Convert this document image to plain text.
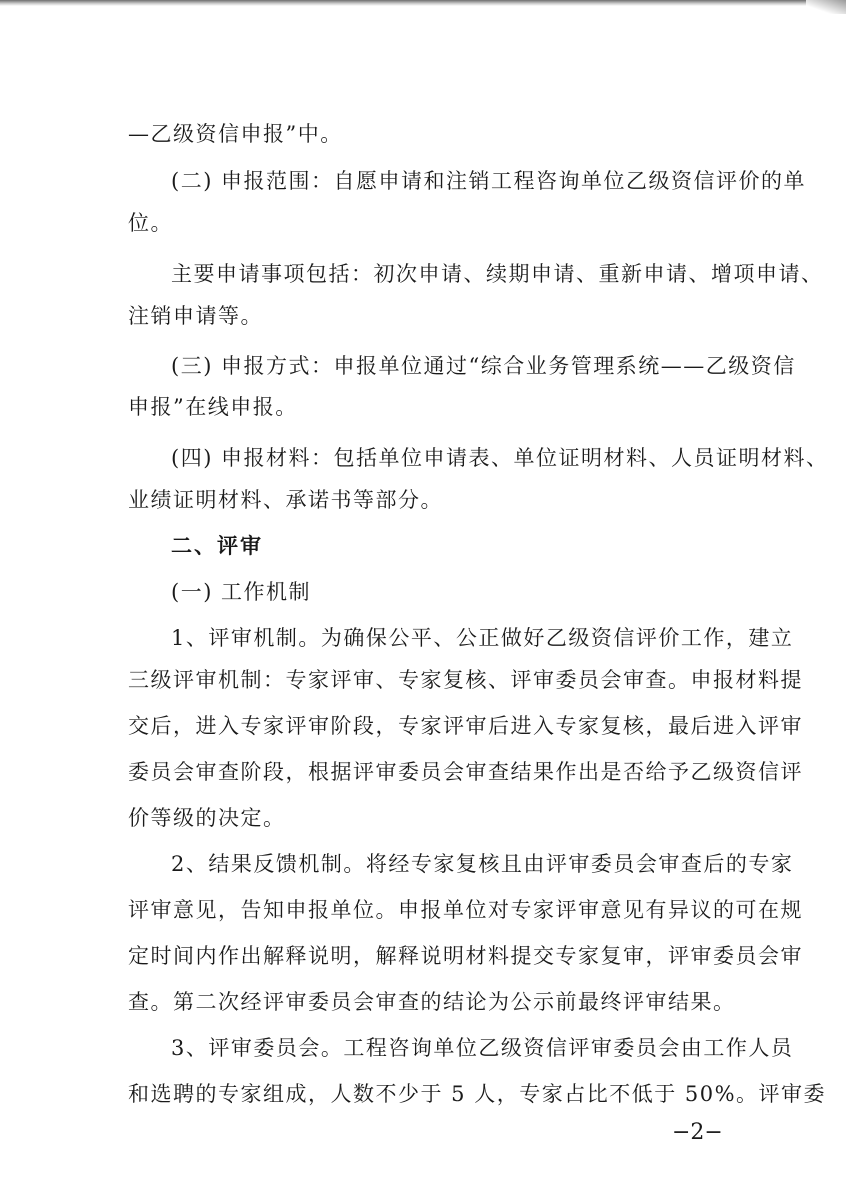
—乙级资信申报”中。
(二) 申报范围：自愿申请和注销工程咨询单位乙级资信评价的单
位。
主要申请事项包括：初次申请、续期申请、重新申请、增项申请、
注销申请等。
(三) 申报方式：申报单位通过“综合业务管理系统——乙级资信
申报”在线申报。
(四) 申报材料：包括单位申请表、单位证明材料、人员证明材料、
业绩证明材料、承诺书等部分。
二、评审
(一) 工作机制
1、评审机制。为确保公平、公正做好乙级资信评价工作，建立
三级评审机制：专家评审、专家复核、评审委员会审查。申报材料提
交后，进入专家评审阶段，专家评审后进入专家复核，最后进入评审
委员会审查阶段，根据评审委员会审查结果作出是否给予乙级资信评
价等级的决定。
2、结果反馈机制。将经专家复核且由评审委员会审查后的专家
评审意见，告知申报单位。申报单位对专家评审意见有异议的可在规
定时间内作出解释说明，解释说明材料提交专家复审，评审委员会审
查。第二次经评审委员会审查的结论为公示前最终评审结果。
3、评审委员会。工程咨询单位乙级资信评审委员会由工作人员
和选聘的专家组成，人数不少于 5 人，专家占比不低于 50%。评审委
−2−
